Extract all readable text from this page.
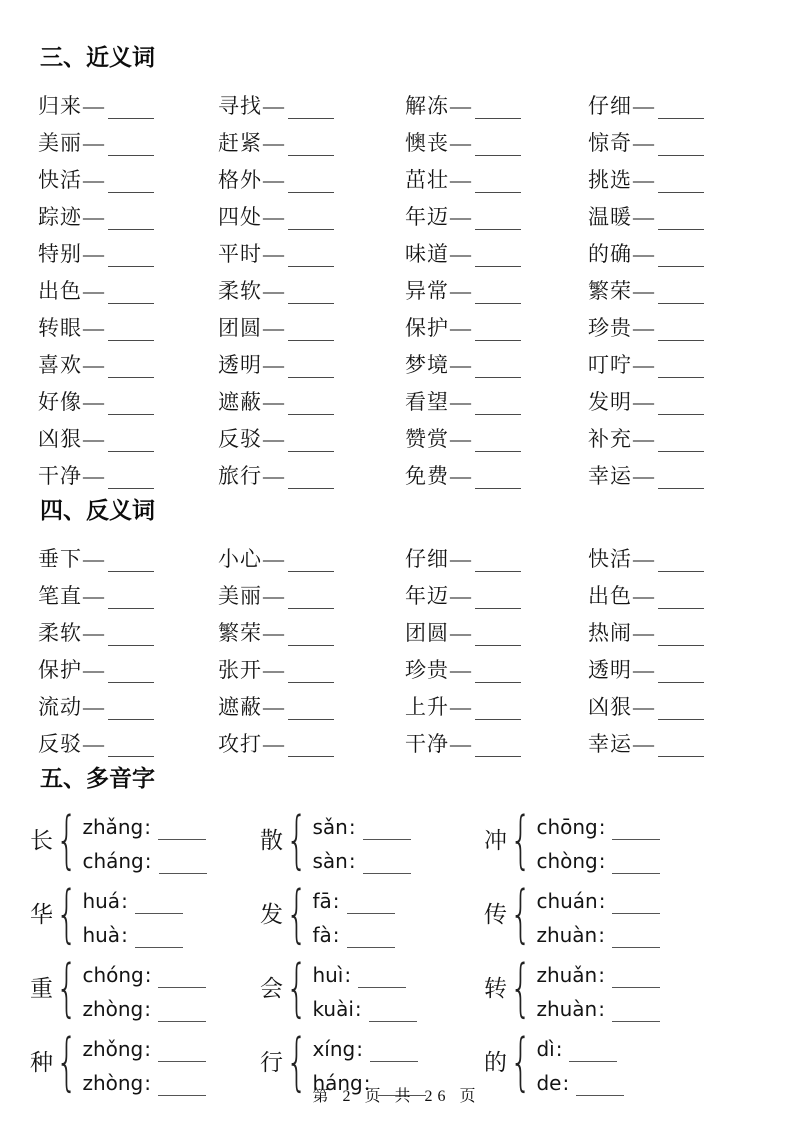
三、近义词
归来 —	寻找 —	解冻 —	仔细 —
美丽 —	赶紧 —	懊丧 —	惊奇 —
快活 —	格外 —	茁壮 —	挑选 —
踪迹 —	四处 —	年迈 —	温暖 —
特别 —	平时 —	味道 —	的确 —
出色 —	柔软 —	异常 —	繁荣 —
转眼 —	团圆 —	保护 —	珍贵 —
喜欢 —	透明 —	梦境 —	叮咛 —
好像 —	遮蔽 —	看望 —	发明 —
凶狠 —	反驳 —	赞赏 —	补充 —
干净 —	旅行 —	免费 —	幸运 —
四、反义词
垂下 —	小心 —	仔细 —	快活 —
笔直 —	美丽 —	年迈 —	出色 —
柔软 —	繁荣 —	团圆 —	热闹 —
保护 —	张开 —	珍贵 —	透明 —
流动 —	遮蔽 —	上升 —	凶狠 —
反驳 —	攻打 —	干净 —	幸运 —
五、多音字
长 { zhǎng :
cháng :
散 { sǎn :
sàn :
冲 { chōng :
chòng :
华 { huá :
huà :
发 { fā :
fà :
传 { chuán :
zhuàn :
重 { chóng :
zhòng :
会 { huì :
kuài :
转 { zhuǎn :
zhuàn :
种 { zhǒng :
zhòng :
行 { xíng :
háng :
的 { dì :
de :
第 2 页 共 26 页
